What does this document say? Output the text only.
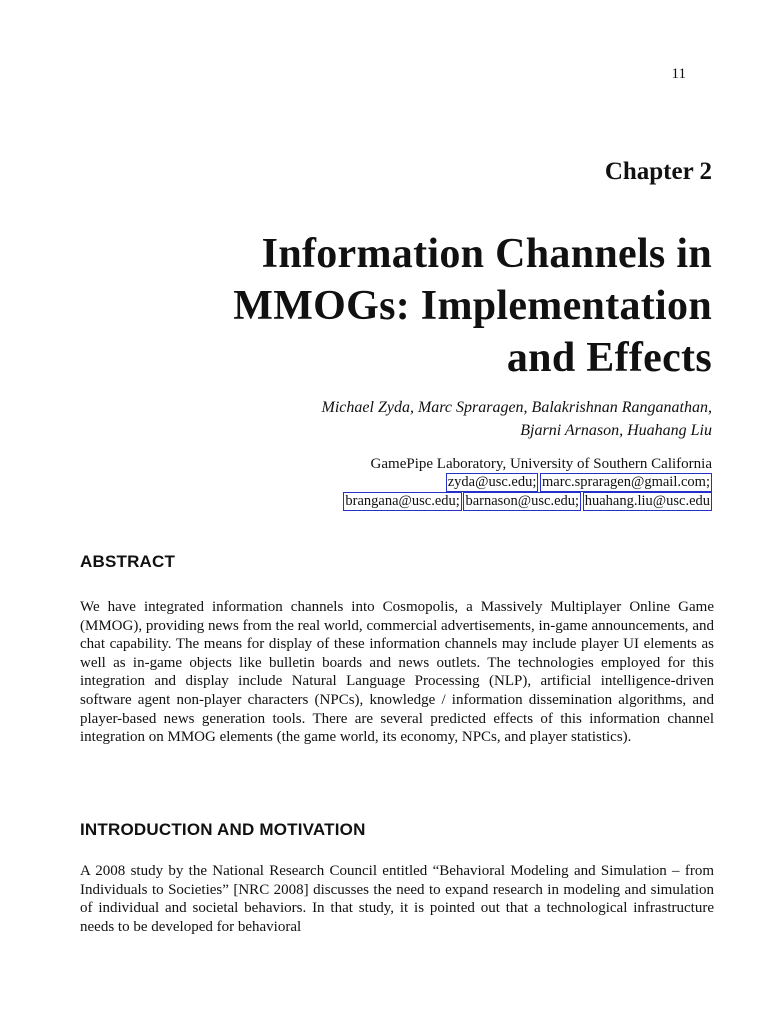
11
Chapter 2
Information Channels in
MMOGs: Implementation
and Effects
Michael Zyda, Marc Spraragen, Balakrishnan Ranganathan,
Bjarni Arnason, Huahang Liu
GamePipe Laboratory, University of Southern California
zyda@usc.edu; marc.spraragen@gmail.com;
brangana@usc.edu; barnason@usc.edu; huahang.liu@usc.edu
ABSTRACT

We have integrated information channels into Cosmopolis, a Massively Multiplayer Online Game (MMOG), providing news from the real world, commercial advertisements, in-game announcements, and chat capability. The means for display of these information channels may include player UI elements as well as in-game objects like bulletin boards and news outlets. The technologies employed for this integration and display include Natural Language Processing (NLP), artificial intelligence-driven software agent non-player characters (NPCs), knowledge / information dissemination algorithms, and player-based news generation tools. There are several predicted effects of this information channel integration on MMOG elements (the game world, its economy, NPCs, and player statistics).

INTRODUCTION AND MOTIVATION

A 2008 study by the National Research Council entitled “Behavioral Modeling and Simulation – from Individuals to Societies” [NRC 2008] discusses the need to expand research in modeling and simulation of individual and societal behaviors. In that study, it is pointed out that a technological infrastructure needs to be developed for behavioral
